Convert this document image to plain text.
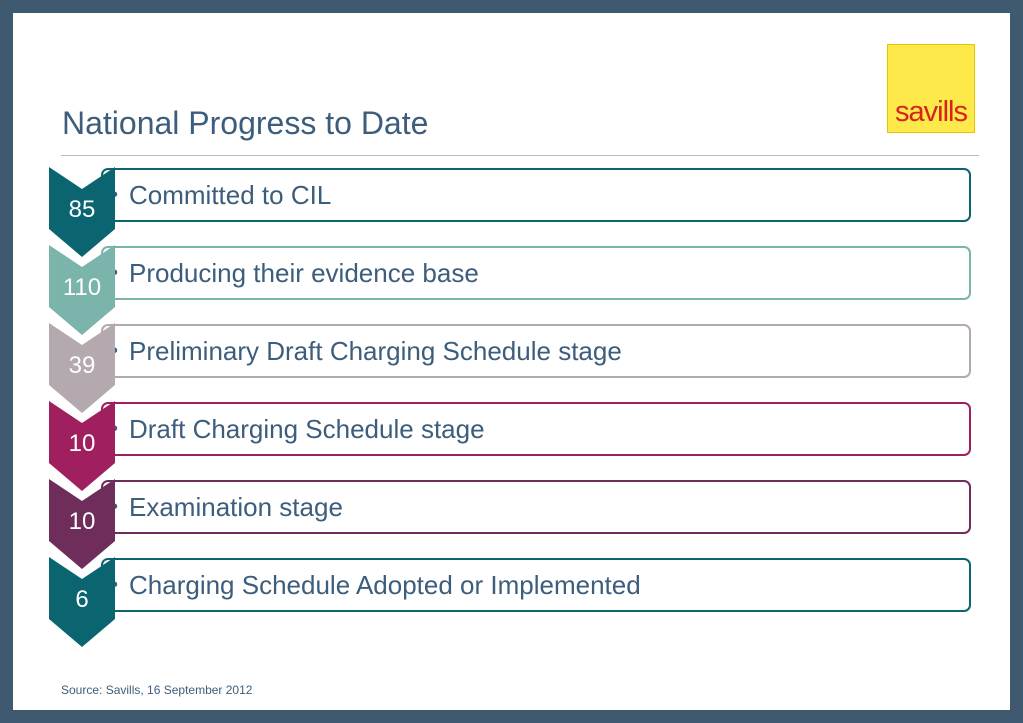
National Progress to Date	savills
• Committed to CIL
85
• Producing their evidence base
110
• Preliminary Draft Charging Schedule stage
39
• Draft Charging Schedule stage
10
• Examination stage
10
• Charging Schedule Adopted or Implemented
6
Source: Savills, 16 September 2012
